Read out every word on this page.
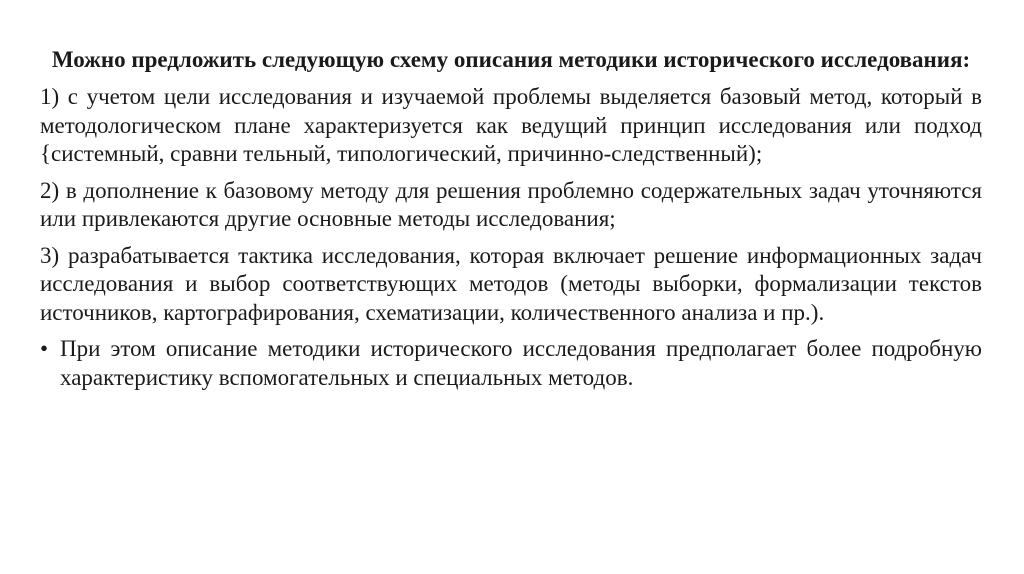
Можно предложить следующую схему описания методики исторического исследования:
1) с учетом цели исследования и изучаемой проблемы выделяется базовый метод, который в методологическом плане характеризуется как ведущий принцип исследования или подход {системный, сравни тельный, типологический, причинно-следственный);
2) в дополнение к базовому методу для решения проблемно содержательных задач уточняются или привлекаются другие основные методы исследования;
3) разрабатывается тактика исследования, которая включает решение информационных задач исследования и выбор соответствующих методов (методы выборки, формализации текстов источников, картографирования, схематизации, количественного анализа и пр.).
• При этом описание методики исторического исследования предполагает более подробную характеристику вспомогательных и специальных методов.
